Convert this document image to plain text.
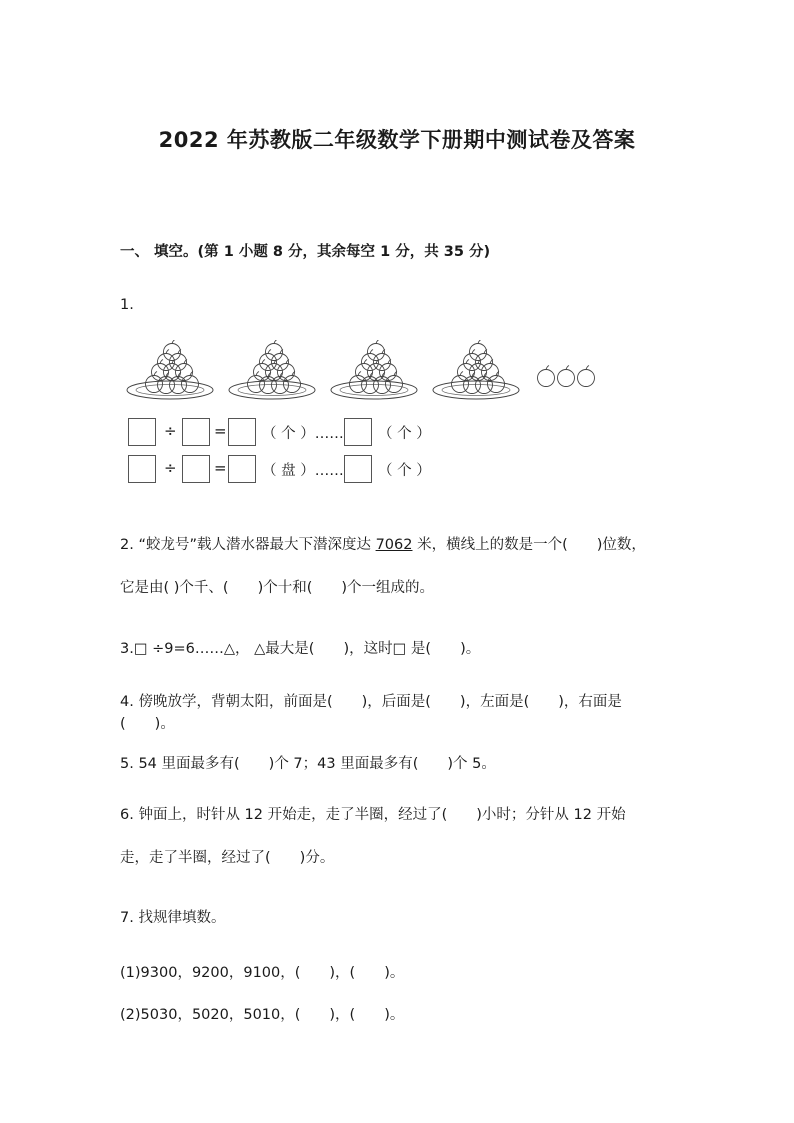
2022 年苏教版二年级数学下册期中测试卷及答案
一、 填空。(第 1 小题 8 分，其余每空 1 分，共 35 分)
1.
÷ = （ 个 ）…… （ 个 ）
÷ = （ 盘 ）…… （ 个 ）
2. “蛟龙号”载人潜水器最大下潜深度达 7062 米，横线上的数是一个(　　)位数，
它是由( )个千、(　　)个十和(　　)个一组成的。
3.□ ÷9=6……△， △最大是(　　)，这时□ 是(　　)。
4. 傍晚放学，背朝太阳，前面是(　　)，后面是(　　)，左面是(　　)，右面是
(　　)。
5. 54 里面最多有(　　)个 7；43 里面最多有(　　)个 5。
6. 钟面上，时针从 12 开始走，走了半圈，经过了(　　)小时；分针从 12 开始
走，走了半圈，经过了(　　)分。
7. 找规律填数。
(1)9300，9200，9100，(　　)，(　　)。
(2)5030，5020，5010，(　　)，(　　)。
